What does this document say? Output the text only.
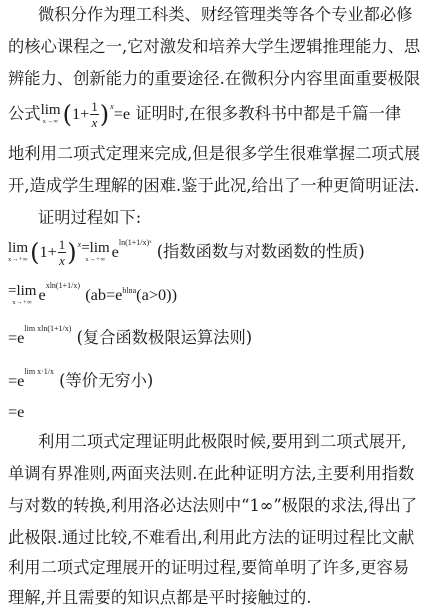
微积分作为理工科类、财经管理类等各个专业都必修
的核心课程之一,它对激发和培养大学生逻辑推理能力、思
辨能力、创新能力的重要途径.在微积分内容里面重要极限
公式 lim
x→∞ $(1+ \frac{1}{x} )^x=e$ 证明时,在很多教科书中都是千篇一律
地利用二项式定理来完成,但是很多学生很难掌握二项式展
开,造成学生理解的困难.鉴于此况,给出了一种更简明证法.
证明过程如下:
lim
x→+∞ $(1+ \frac{1}{x} )^x =\lim$
x→+∞ $e^{ln(1+1/x)ˣ}$ (指数函数与对数函数的性质)
=lim
x→+∞ $e^{xln(1+1/x)}$ $(ab=e^{blna}(a>0))$
$=e^{lim xln(1+1/x)}$ (复合函数极限运算法则)
$=e^{lim x\cdot 1/x}$ (等价无穷小)
=e
利用二项式定理证明此极限时候,要用到二项式展开,
单调有界准则,两面夹法则.在此种证明方法,主要利用指数
与对数的转换,利用洛必达法则中“1∞”极限的求法,得出了
此极限.通过比较,不难看出,利用此方法的证明过程比文献
利用二项式定理展开的证明过程,要简单明了许多,更容易
理解,并且需要的知识点都是平时接触过的.
